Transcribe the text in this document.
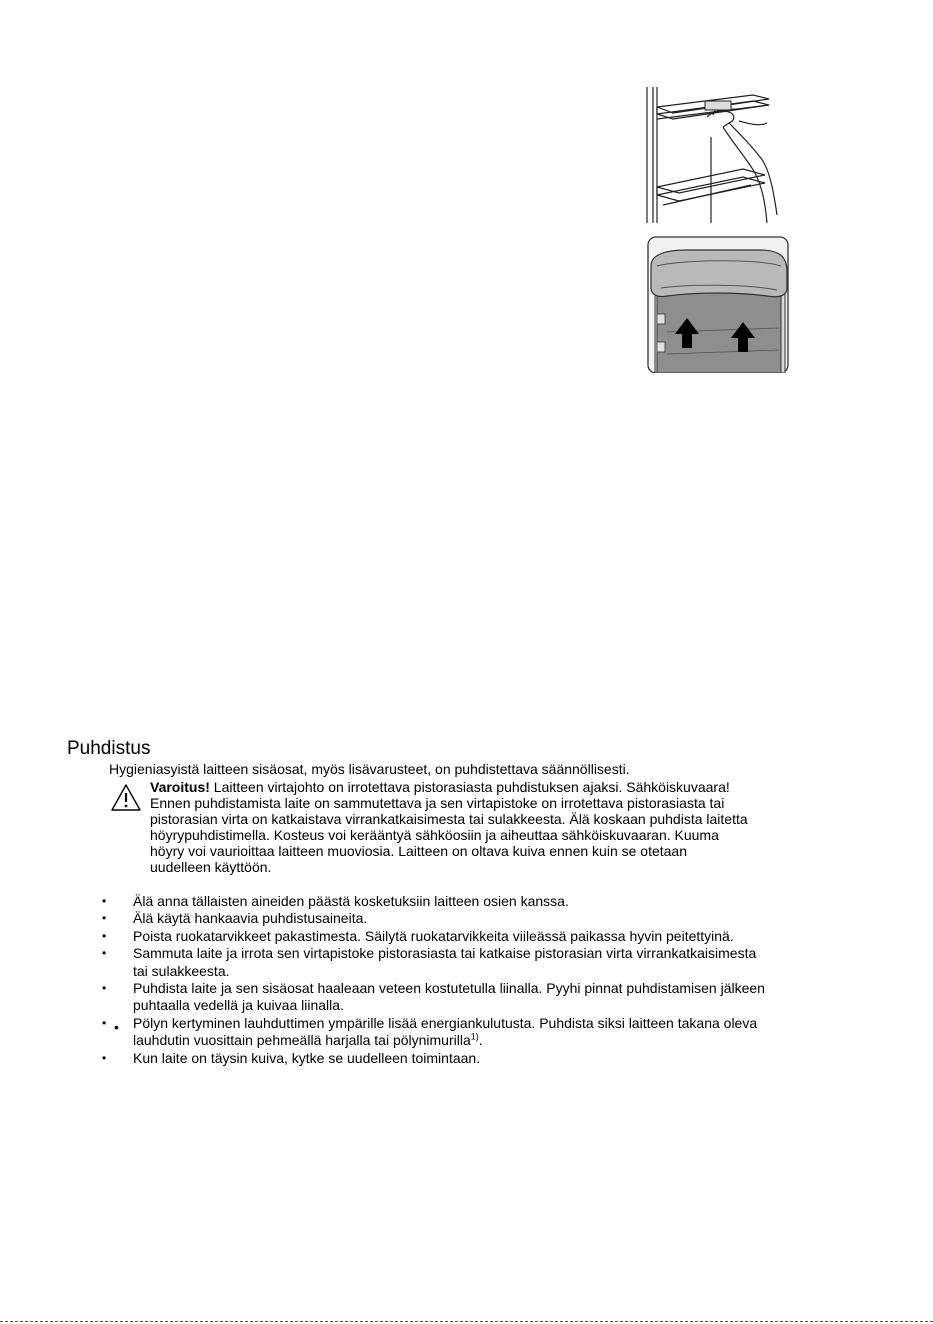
Puhdistus

Hygieniasyistä laitteen sisäosat, myös lisävarusteet, on puhdistettava säännöllisesti.

Varoitus! Laitteen virtajohto on irrotettava pistorasiasta puhdistuksen ajaksi. Sähköiskuvaara!
Ennen puhdistamista laite on sammutettava ja sen virtapistoke on irrotettava pistorasiasta tai
pistorasian virta on katkaistava virrankatkaisimesta tai sulakkeesta. Älä koskaan puhdista laitetta
höyrypuhdistimella. Kosteus voi kerääntyä sähköosiin ja aiheuttaa sähköiskuvaaran. Kuuma
höyry voi vaurioittaa laitteen muoviosia. Laitteen on oltava kuiva ennen kuin se otetaan
uudelleen käyttöön.
• Älä anna tällaisten aineiden päästä kosketuksiin laitteen osien kanssa.
• Älä käytä hankaavia puhdistusaineita.
• Poista ruokatarvikkeet pakastimesta. Säilytä ruokatarvikkeita viileässä paikassa hyvin peitettyinä.
• Sammuta laite ja irrota sen virtapistoke pistorasiasta tai katkaise pistorasian virta virrankatkaisimesta
tai sulakkeesta.
• Puhdista laite ja sen sisäosat haaleaan veteen kostutetulla liinalla. Pyyhi pinnat puhdistamisen jälkeen
puhtaalla vedellä ja kuivaa liinalla.
• • Pölyn kertyminen lauhduttimen ympärille lisää energiankulutusta. Puhdista siksi laitteen takana oleva
lauhdutin vuosittain pehmeällä harjalla tai pölynimurilla$^{1)}$.
• Kun laite on täysin kuiva, kytke se uudelleen toimintaan.
